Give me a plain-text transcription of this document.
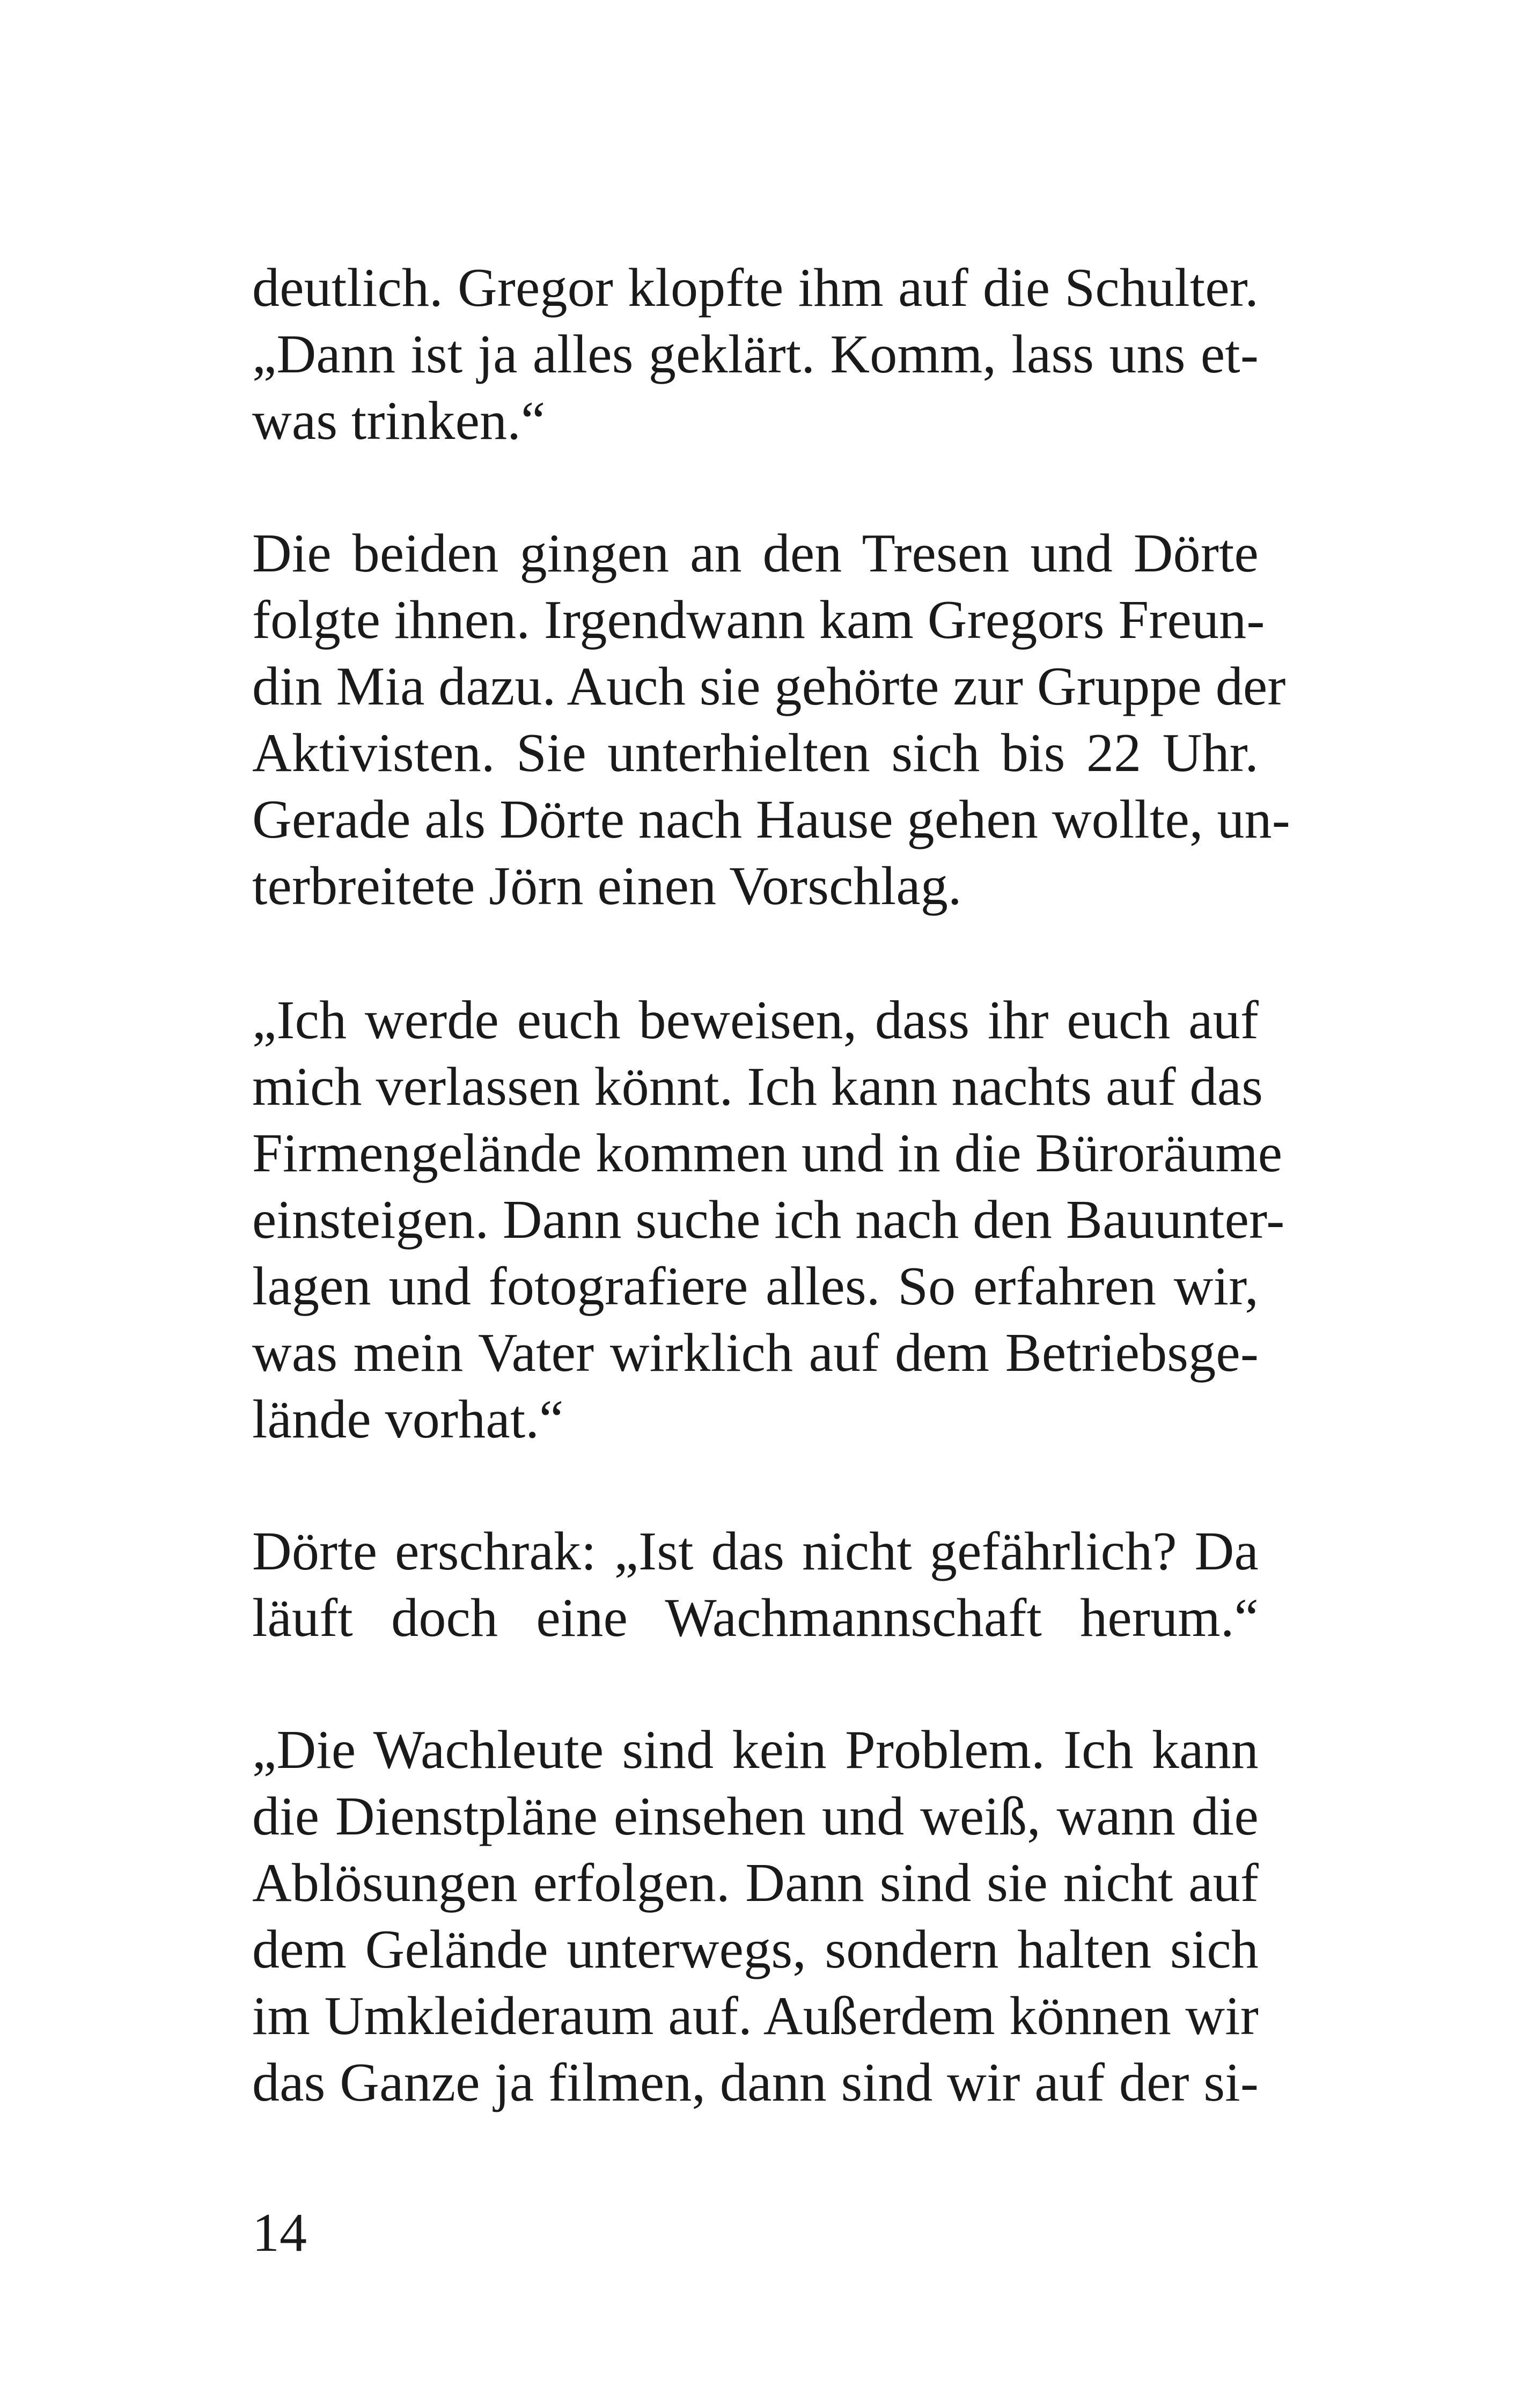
deutlich. Gregor klopfte ihm auf die Schulter.
„Dann ist ja alles geklärt. Komm, lass uns et-
was trinken.“
Die beiden gingen an den Tresen und Dörte
folgte ihnen. Irgendwann kam Gregors Freun-
din Mia dazu. Auch sie gehörte zur Gruppe der
Aktivisten. Sie unterhielten sich bis 22 Uhr.
Gerade als Dörte nach Hause gehen wollte, un-
terbreitete Jörn einen Vorschlag.
„Ich werde euch beweisen, dass ihr euch auf
mich verlassen könnt. Ich kann nachts auf das
Firmengelände kommen und in die Büroräume
einsteigen. Dann suche ich nach den Bauunter-
lagen und fotografiere alles. So erfahren wir,
was mein Vater wirklich auf dem Betriebsge-
lände vorhat.“
Dörte erschrak: „Ist das nicht gefährlich? Da
läuft doch eine Wachmannschaft herum.“
„Die Wachleute sind kein Problem. Ich kann
die Dienstpläne einsehen und weiß, wann die
Ablösungen erfolgen. Dann sind sie nicht auf
dem Gelände unterwegs, sondern halten sich
im Umkleideraum auf. Außerdem können wir
das Ganze ja filmen, dann sind wir auf der si-
14
